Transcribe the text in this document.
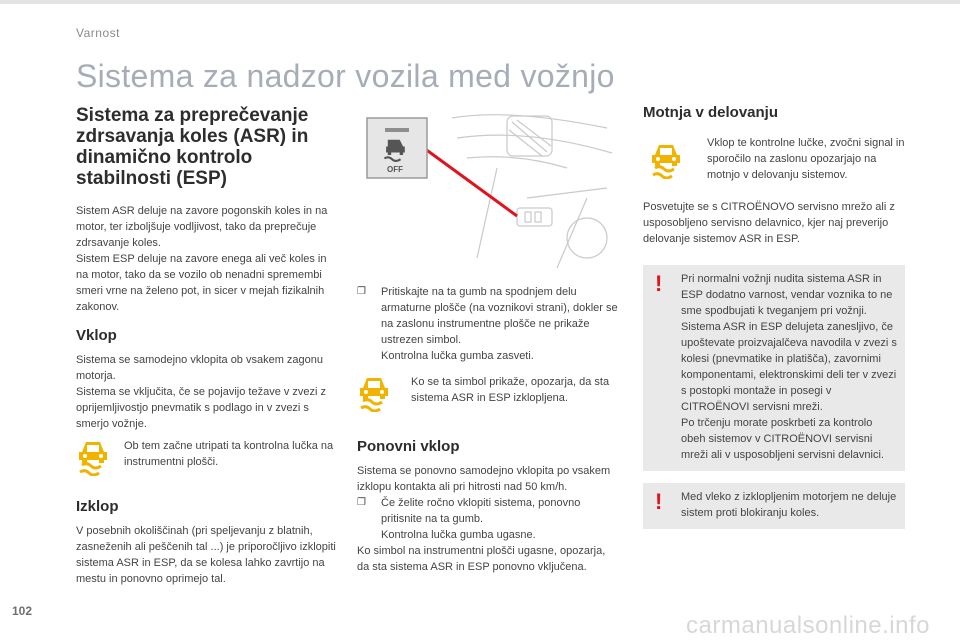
Varnost
Sistema za nadzor vozila med vožnjo
Sistema za preprečevanje zdrsavanja koles (ASR) in dinamično kontrolo stabilnosti (ESP)

Sistem ASR deluje na zavore pogonskih koles in na motor, ter izboljšuje vodljivost, tako da preprečuje zdrsavanje koles.

Sistem ESP deluje na zavore enega ali več koles in na motor, tako da se vozilo ob nenadni spremembi smeri vrne na želeno pot, in sicer v mejah fizikalnih zakonov.

Vklop

Sistema se samodejno vklopita ob vsakem zagonu motorja.

Sistema se vključita, če se pojavijo težave v zvezi z oprijemljivostjo pnevmatik s podlago in v zvezi s smerjo vožnje.

Ob tem začne utripati ta kontrolna lučka na instrumentni plošči.

Izklop

V posebnih okoliščinah (pri speljevanju z blatnih, zasneženih ali peščenih tal ...) je priporočljivo izklopiti sistema ASR in ESP, da se kolesa lahko zavrtijo na mestu in ponovno oprimejo tal.

OFF
❐	Pritiskajte na ta gumb na spodnjem delu armaturne plošče (na voznikovi strani), dokler se na zaslonu instrumentne plošče ne prikaže ustrezen simbol.

Kontrolna lučka gumba zasveti.

Ko se ta simbol prikaže, opozarja, da sta sistema ASR in ESP izklopljena.

Ponovni vklop

Sistema se ponovno samodejno vklopita po vsakem izklopu kontakta ali pri hitrosti nad 50 km/h.

❐	Če želite ročno vklopiti sistema, ponovno pritisnite na ta gumb.

Kontrolna lučka gumba ugasne.

Ko simbol na instrumentni plošči ugasne, opozarja, da sta sistema ASR in ESP ponovno vključena.

Motnja v delovanju

Vklop te kontrolne lučke, zvočni signal in sporočilo na zaslonu opozarjajo na motnjo v delovanju sistemov.

Posvetujte se s CITROËNOVO servisno mrežo ali z usposobljeno servisno delavnico, kjer naj preverijo delovanje sistemov ASR in ESP.

!	Pri normalni vožnji nudita sistema ASR in ESP dodatno varnost, vendar voznika to ne sme spodbujati k tveganjem pri vožnji.

Sistema ASR in ESP delujeta zanesljivo, če upoštevate proizvajalčeva navodila v zvezi s kolesi (pnevmatike in platišča), zavornimi komponentami, elektronskimi deli ter v zvezi s postopki montaže in posegi v CITROËNOVI servisni mreži.

Po trčenju morate poskrbeti za kontrolo obeh sistemov v CITROËNOVI servisni mreži ali v usposobljeni servisni delavnici.

!	Med vleko z izklopljenim motorjem ne deluje sistem proti blokiranju koles.

102
carmanualsonline.info
